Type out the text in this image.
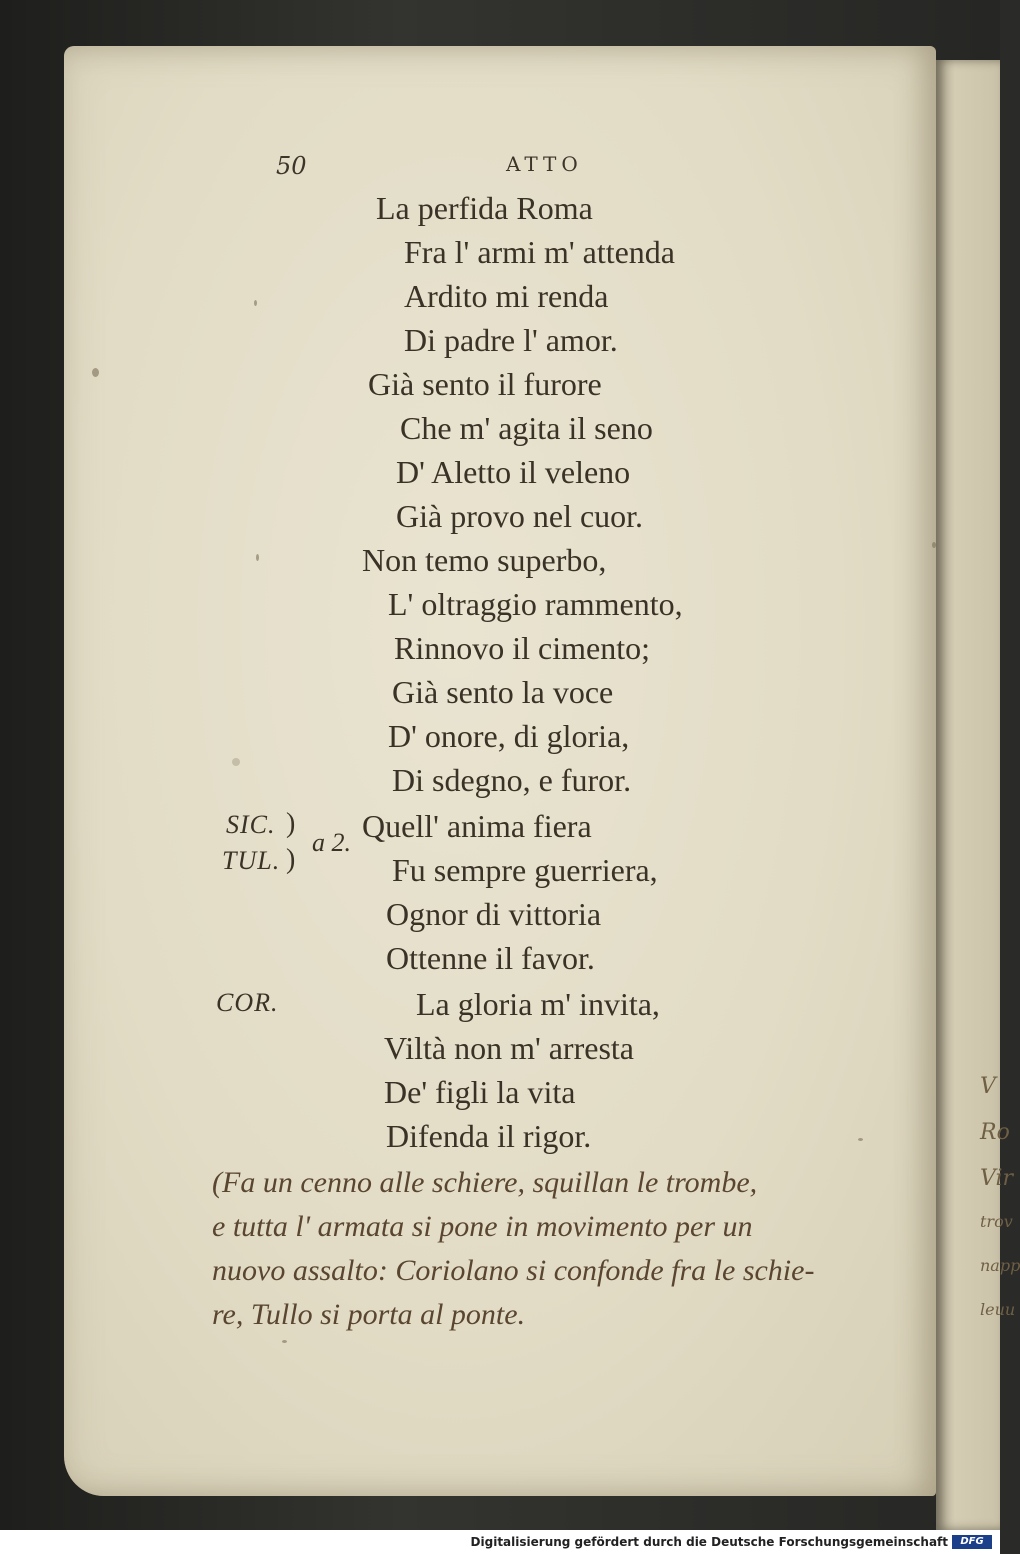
V
Ro
Vir
trov
napp
leuu
50	ATTO
La perfida Roma
Fra l' armi m' attenda
Ardito mi renda
Di padre l' amor.
Già sento il furore
Che m' agita il seno
D' Aletto il veleno
Già provo nel cuor.
Non temo superbo,
L' oltraggio rammento,
Rinnovo il cimento;
Già sento la voce
D' onore, di gloria,
Di sdegno, e furor.
SIC.
TUL.
)
)
a 2. Quell' anima fiera
Fu sempre guerriera,
Ognor di vittoria
Ottenne il favor.
COR.	La gloria m' invita,
Viltà non m' arresta
De' figli la vita
Difenda il rigor.
(Fa un cenno alle schiere, squillan le trombe,
e tutta l' armata si pone in movimento per un
nuovo assalto: Coriolano si confonde fra le schie-
re, Tullo si porta al ponte.
Digitalisierung gefördert durch die Deutsche Forschungsgemeinschaft	DFG
